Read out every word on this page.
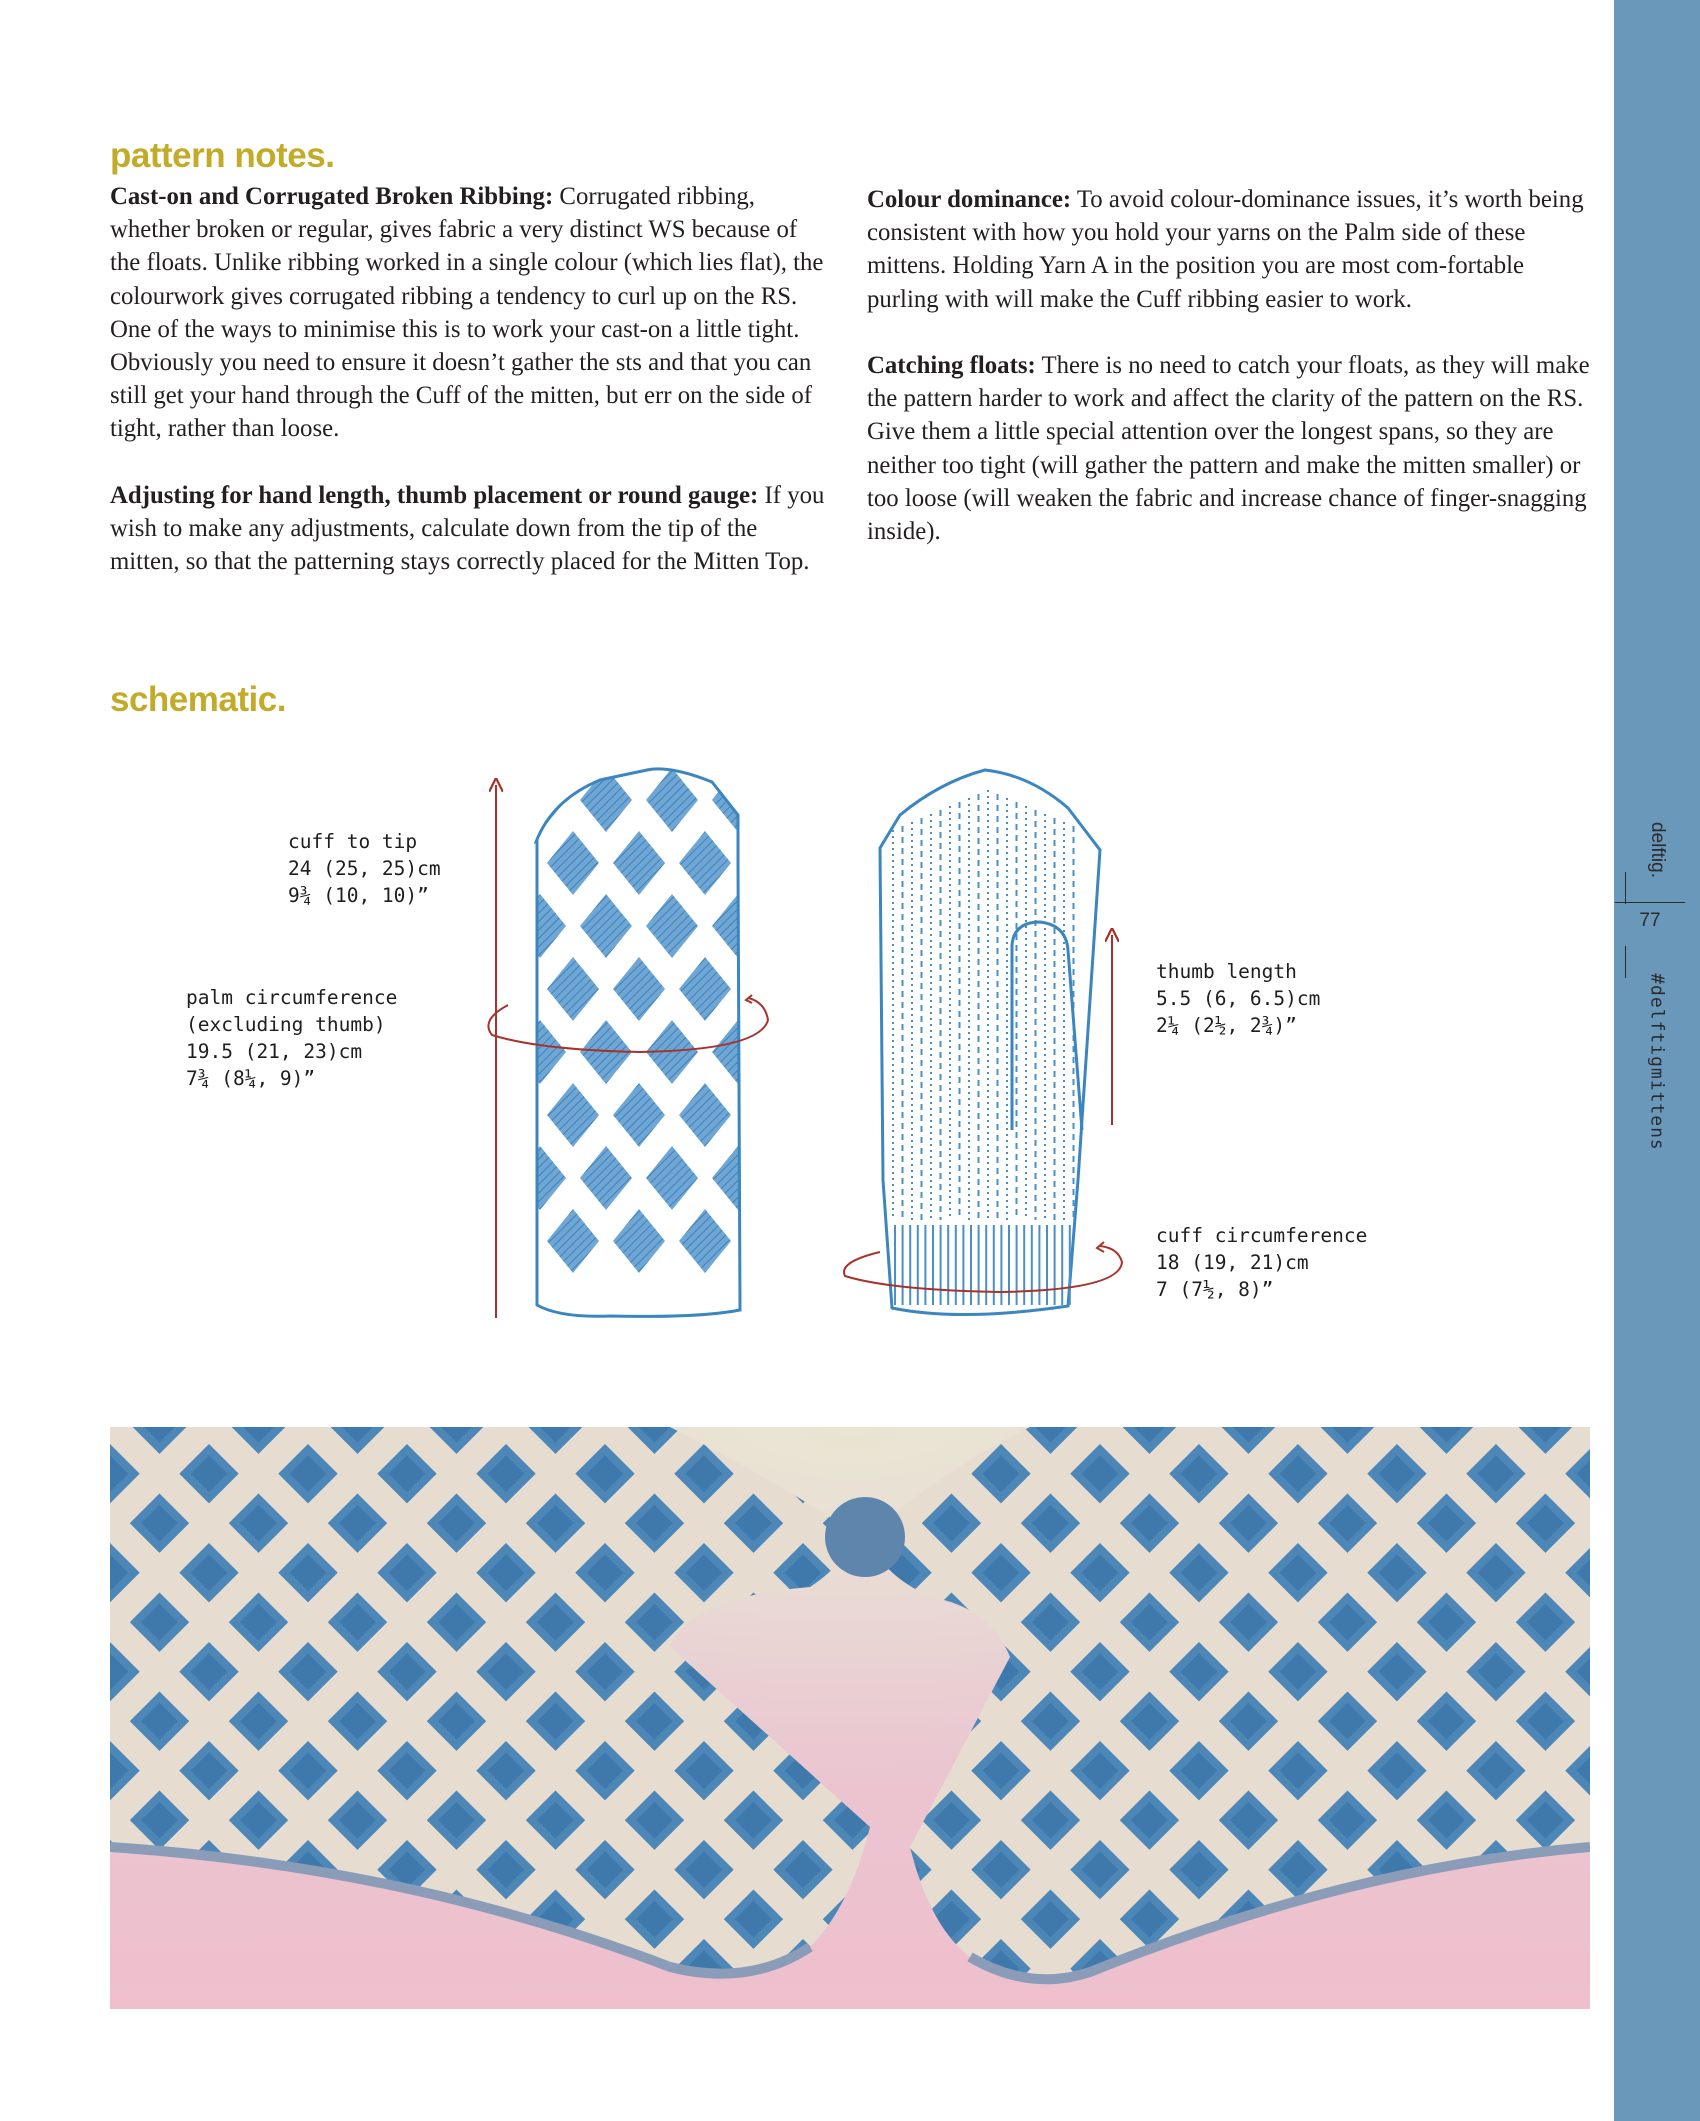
delftig.
77
#delftigmittens
pattern notes.

Cast-on and Corrugated Broken Ribbing: Corrugated ribbing, whether broken or regular, gives fabric a very distinct WS because of the floats. Unlike ribbing worked in a single colour (which lies flat), the colourwork gives corrugated ribbing a tendency to curl up on the RS. One of the ways to minimise this is to work your cast-on a little tight. Obviously you need to ensure it doesn’t gather the sts and that you can still get your hand through the Cuff of the mitten, but err on the side of tight, rather than loose.

Adjusting for hand length, thumb placement or round gauge: If you wish to make any adjustments, calculate down from the tip of the mitten, so that the patterning stays correctly placed for the Mitten Top.

Colour dominance: To avoid colour-dominance issues, it’s worth being consistent with how you hold your yarns on the Palm side of these mittens. Holding Yarn A in the position you are most com-fortable purling with will make the Cuff ribbing easier to work.

Catching floats: There is no need to catch your floats, as they will make the pattern harder to work and affect the clarity of the pattern on the RS. Give them a little special attention over the longest spans, so they are neither too tight (will gather the pattern and make the mitten smaller) or too loose (will weaken the fabric and increase chance of finger-snagging inside).

schematic.
cuff to tip
24 (25, 25)cm
9¾ (10, 10)”
palm circumference
(excluding thumb)
19.5 (21, 23)cm
7¾ (8¼, 9)”
thumb length
5.5 (6, 6.5)cm
2¼ (2½, 2¾)”
cuff circumference
18 (19, 21)cm
7 (7½, 8)”
